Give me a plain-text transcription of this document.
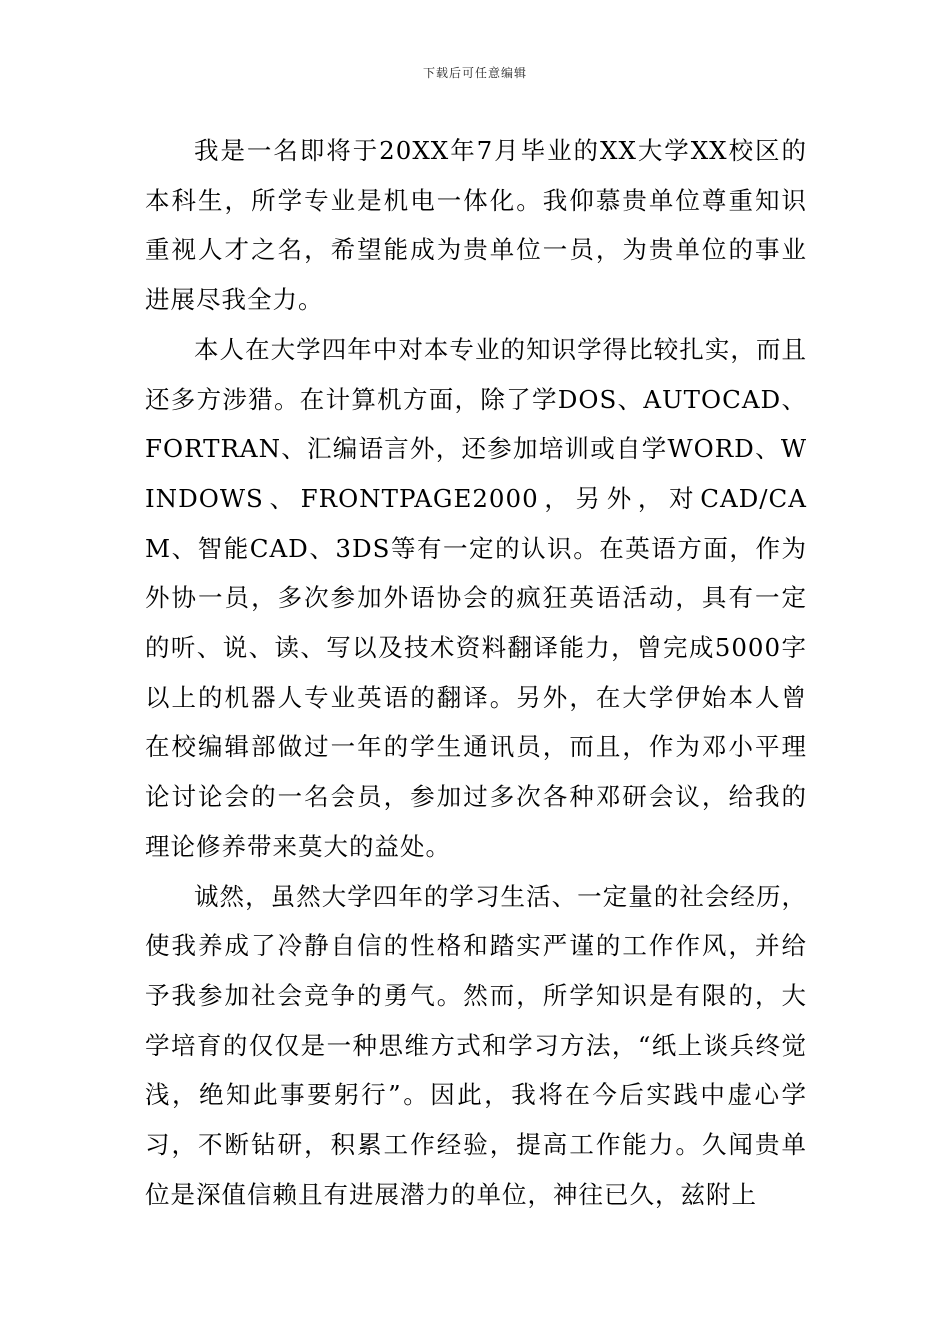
下载后可任意编辑

我是一名即将于20XX年7月毕业的XX大学XX校区的本科生，所学专业是机电一体化。我仰慕贵单位尊重知识重视人才之名，希望能成为贵单位一员，为贵单位的事业进展尽我全力。

本人在大学四年中对本专业的知识学得比较扎实，而且还多方涉猎。在计算机方面，除了学DOS、AUTOCAD、FORTRAN、汇编语言外，还参加培训或自学WORD、WINDOWS、FRONTPAGE2000，另外，对CAD/CAM、智能CAD、3DS等有一定的认识。在英语方面，作为外协一员，多次参加外语协会的疯狂英语活动，具有一定的听、说、读、写以及技术资料翻译能力，曾完成5000字以上的机器人专业英语的翻译。另外，在大学伊始本人曾在校编辑部做过一年的学生通讯员，而且，作为邓小平理论讨论会的一名会员，参加过多次各种邓研会议，给我的理论修养带来莫大的益处。

诚然，虽然大学四年的学习生活、一定量的社会经历，使我养成了冷静自信的性格和踏实严谨的工作作风，并给予我参加社会竞争的勇气。然而，所学知识是有限的，大学培育的仅仅是一种思维方式和学习方法，“纸上谈兵终觉浅，绝知此事要躬行”。因此，我将在今后实践中虚心学习，不断钻研，积累工作经验，提高工作能力。久闻贵单位是深值信赖且有进展潜力的单位，神往已久，兹附上
